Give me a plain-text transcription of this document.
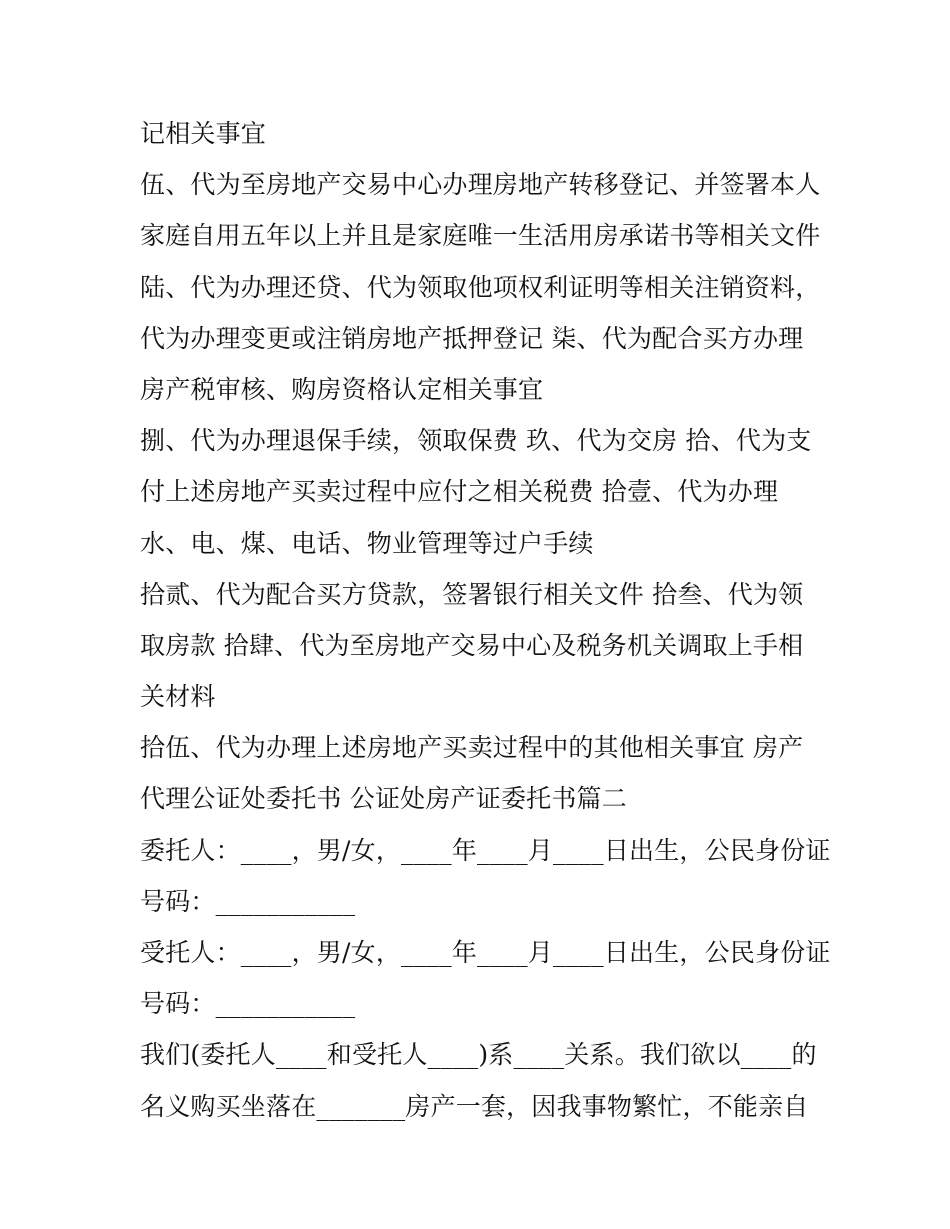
记相关事宜
伍、代为至房地产交易中心办理房地产转移登记、并签署本人
家庭自用五年以上并且是家庭唯一生活用房承诺书等相关文件
陆、代为办理还贷、代为领取他项权利证明等相关注销资料，
代为办理变更或注销房地产抵押登记 柒、代为配合买方办理
房产税审核、购房资格认定相关事宜
捌、代为办理退保手续，领取保费 玖、代为交房 拾、代为支
付上述房地产买卖过程中应付之相关税费 拾壹、代为办理
水、电、煤、电话、物业管理等过户手续
拾贰、代为配合买方贷款，签署银行相关文件 拾叁、代为领
取房款 拾肆、代为至房地产交易中心及税务机关调取上手相
关材料
拾伍、代为办理上述房地产买卖过程中的其他相关事宜 房产
代理公证处委托书 公证处房产证委托书篇二
委托人：____，男/女，____年____月____日出生，公民身份证
号码：___________
受托人：____，男/女，____年____月____日出生，公民身份证
号码：___________
我们(委托人____和受托人____)系____关系。我们欲以____的
名义购买坐落在_______房产一套，因我事物繁忙，不能亲自
